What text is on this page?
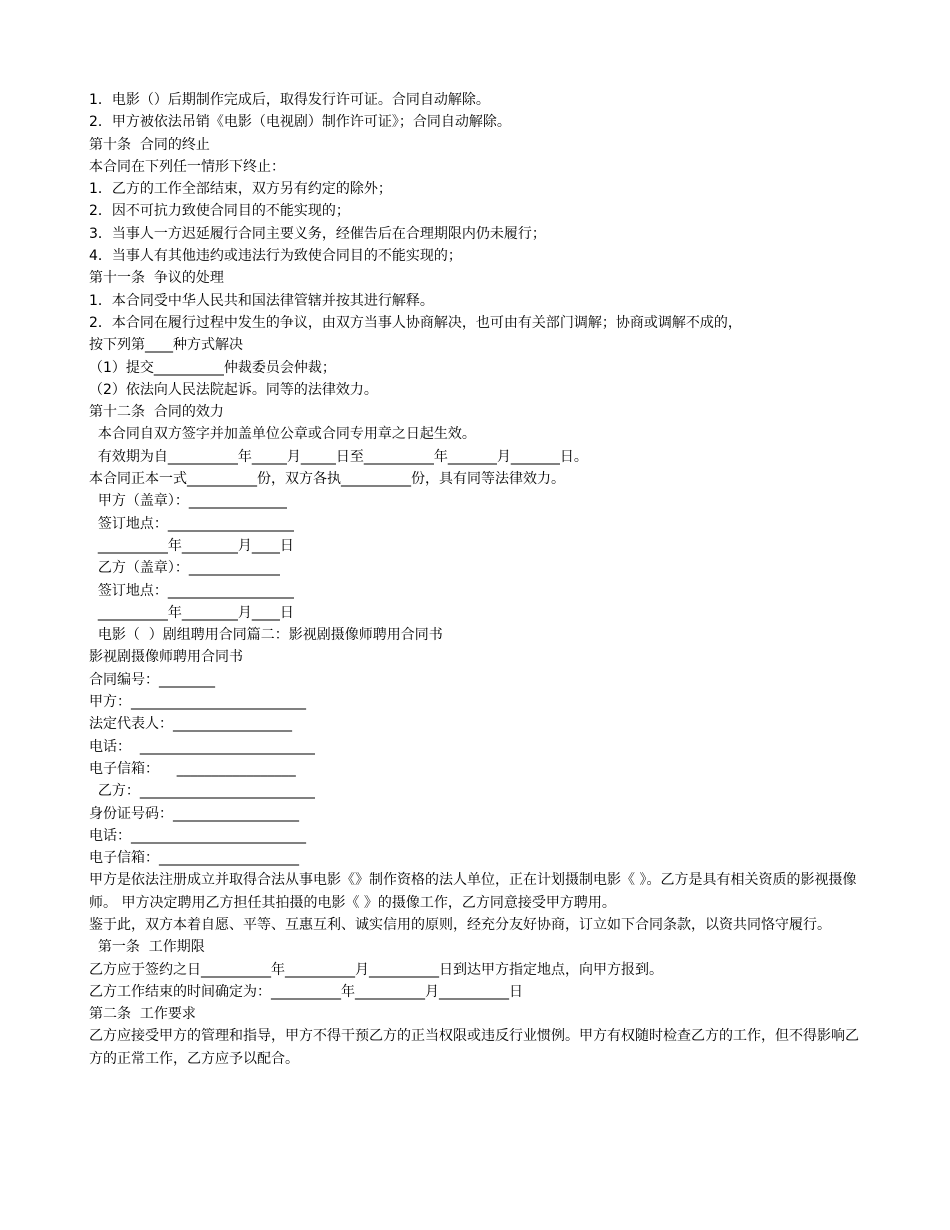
1．电影（）后期制作完成后，取得发行许可证。合同自动解除。
2．甲方被依法吊销《电影（电视剧）制作许可证》；合同自动解除。
第十条  合同的终止
本合同在下列任一情形下终止：
1．乙方的工作全部结束，双方另有约定的除外；
2．因不可抗力致使合同目的不能实现的；
3．当事人一方迟延履行合同主要义务，经催告后在合理期限内仍未履行；
4．当事人有其他违约或违法行为致使合同目的不能实现的；
第十一条  争议的处理
1．本合同受中华人民共和国法律管辖并按其进行解释。
2．本合同在履行过程中发生的争议，由双方当事人协商解决，也可由有关部门调解；协商或调解不成的，
按下列第____种方式解决
（1）提交__________仲裁委员会仲裁；
（2）依法向人民法院起诉。同等的法律效力。
第十二条  合同的效力
本合同自双方签字并加盖单位公章或合同专用章之日起生效。
有效期为自__________年_____月_____日至__________年_______月_______日。
本合同正本一式__________份，双方各执__________份，具有同等法律效力。
甲方（盖章）：______________
签订地点：__________________
__________年________月____日
乙方（盖章）：_____________
签订地点：__________________
__________年________月____日
电影（  ）剧组聘用合同篇二：影视剧摄像师聘用合同书
影视剧摄像师聘用合同书
合同编号：________
甲方：_________________________
法定代表人：_________________
电话：  _________________________
电子信箱：    _________________
乙方：_________________________
身份证号码：__________________
电话：_________________________
电子信箱：____________________
甲方是依法注册成立并取得合法从事电影《》制作资格的法人单位，正在计划摄制电影《 》。乙方是具有相关资质的影视摄像师。 甲方决定聘用乙方担任其拍摄的电影《 》的摄像工作，乙方同意接受甲方聘用。
鉴于此，双方本着自愿、平等、互惠互利、诚实信用的原则，经充分友好协商，订立如下合同条款，以资共同恪守履行。
第一条  工作期限
乙方应于签约之日__________年__________月__________日到达甲方指定地点，向甲方报到。
乙方工作结束的时间确定为：__________年__________月__________日
第二条  工作要求
乙方应接受甲方的管理和指导，甲方不得干预乙方的正当权限或违反行业惯例。甲方有权随时检查乙方的工作，但不得影响乙方的正常工作，乙方应予以配合。
